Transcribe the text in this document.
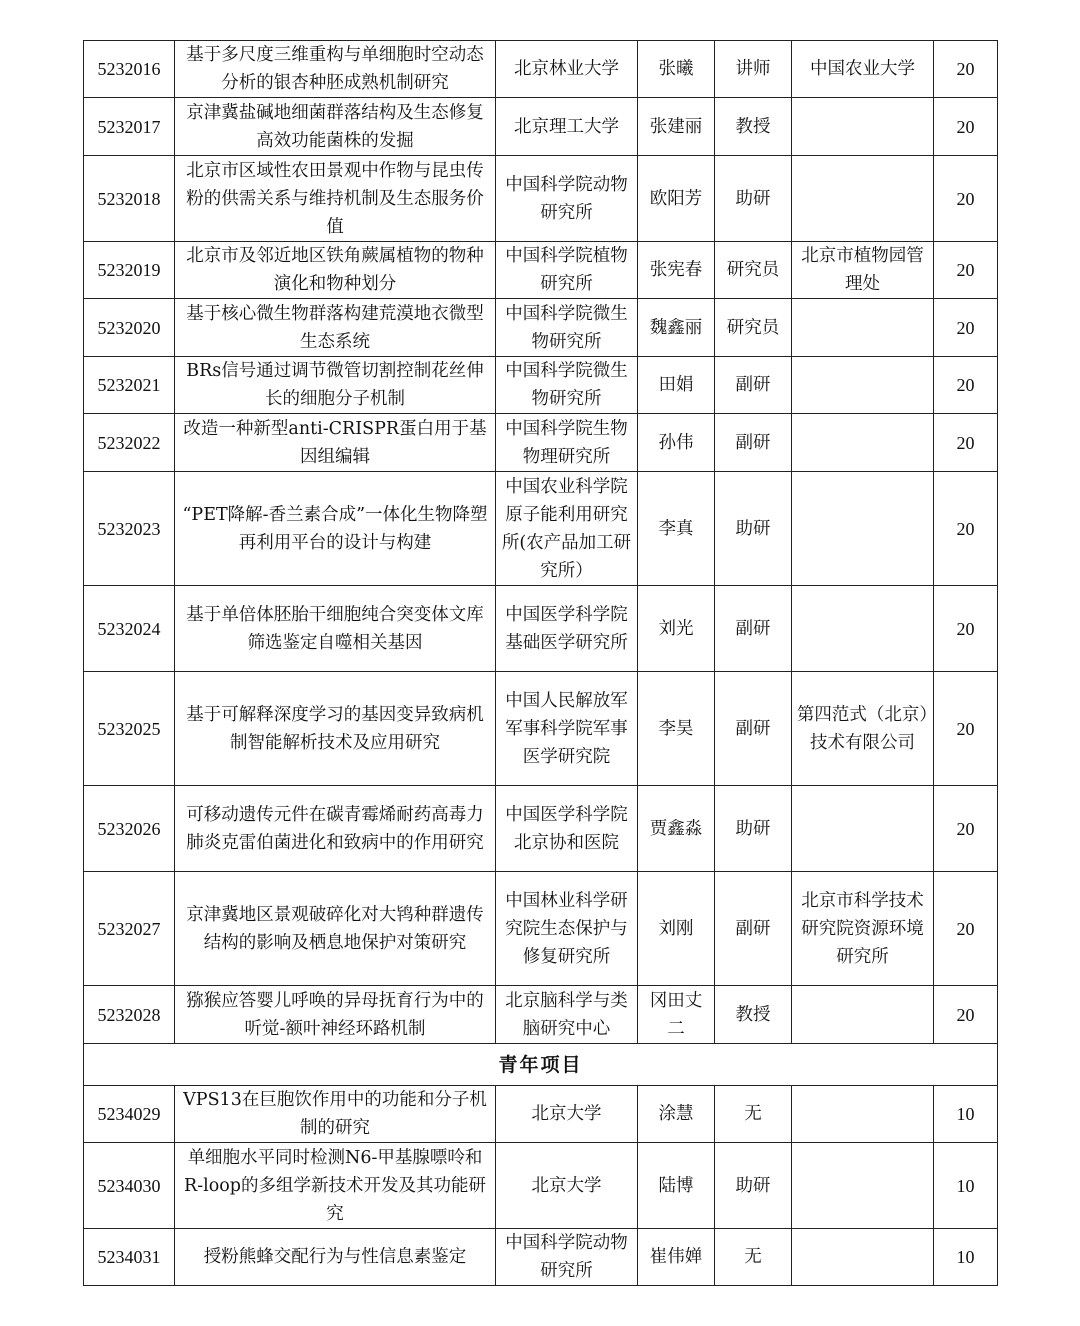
5232016	基于多尺度三维重构与单细胞时空动态分析的银杏种胚成熟机制研究	北京林业大学	张曦	讲师	中国农业大学	20
5232017	京津冀盐碱地细菌群落结构及生态修复高效功能菌株的发掘	北京理工大学	张建丽	教授		20
5232018	北京市区域性农田景观中作物与昆虫传粉的供需关系与维持机制及生态服务价值	中国科学院动物研究所	欧阳芳	助研		20
5232019	北京市及邻近地区铁角蕨属植物的物种演化和物种划分	中国科学院植物研究所	张宪春	研究员	北京市植物园管理处	20
5232020	基于核心微生物群落构建荒漠地衣微型生态系统	中国科学院微生物研究所	魏鑫丽	研究员		20
5232021	BRs信号通过调节微管切割控制花丝伸长的细胞分子机制	中国科学院微生物研究所	田娟	副研		20
5232022	改造一种新型anti-CRISPR蛋白用于基因组编辑	中国科学院生物物理研究所	孙伟	副研		20
5232023	“PET降解-香兰素合成”一体化生物降塑再利用平台的设计与构建	中国农业科学院原子能利用研究所(农产品加工研究所）	李真	助研		20
5232024	基于单倍体胚胎干细胞纯合突变体文库筛选鉴定自噬相关基因	中国医学科学院基础医学研究所	刘光	副研		20
5232025	基于可解释深度学习的基因变异致病机制智能解析技术及应用研究	中国人民解放军军事科学院军事医学研究院	李昊	副研	第四范式（北京）技术有限公司	20
5232026	可移动遗传元件在碳青霉烯耐药高毒力肺炎克雷伯菌进化和致病中的作用研究	中国医学科学院北京协和医院	贾鑫淼	助研		20
5232027	京津冀地区景观破碎化对大鸨种群遗传结构的影响及栖息地保护对策研究	中国林业科学研究院生态保护与修复研究所	刘刚	副研	北京市科学技术研究院资源环境研究所	20
5232028	猕猴应答婴儿呼唤的异母抚育行为中的听觉-额叶神经环路机制	北京脑科学与类脑研究中心	冈田丈二	教授		20
青年项目						
5234029	VPS13在巨胞饮作用中的功能和分子机制的研究	北京大学	涂慧	无		10
5234030	单细胞水平同时检测N6-甲基腺嘌呤和R-loop的多组学新技术开发及其功能研究	北京大学	陆博	助研		10
5234031	授粉熊蜂交配行为与性信息素鉴定	中国科学院动物研究所	崔伟婵	无		10
